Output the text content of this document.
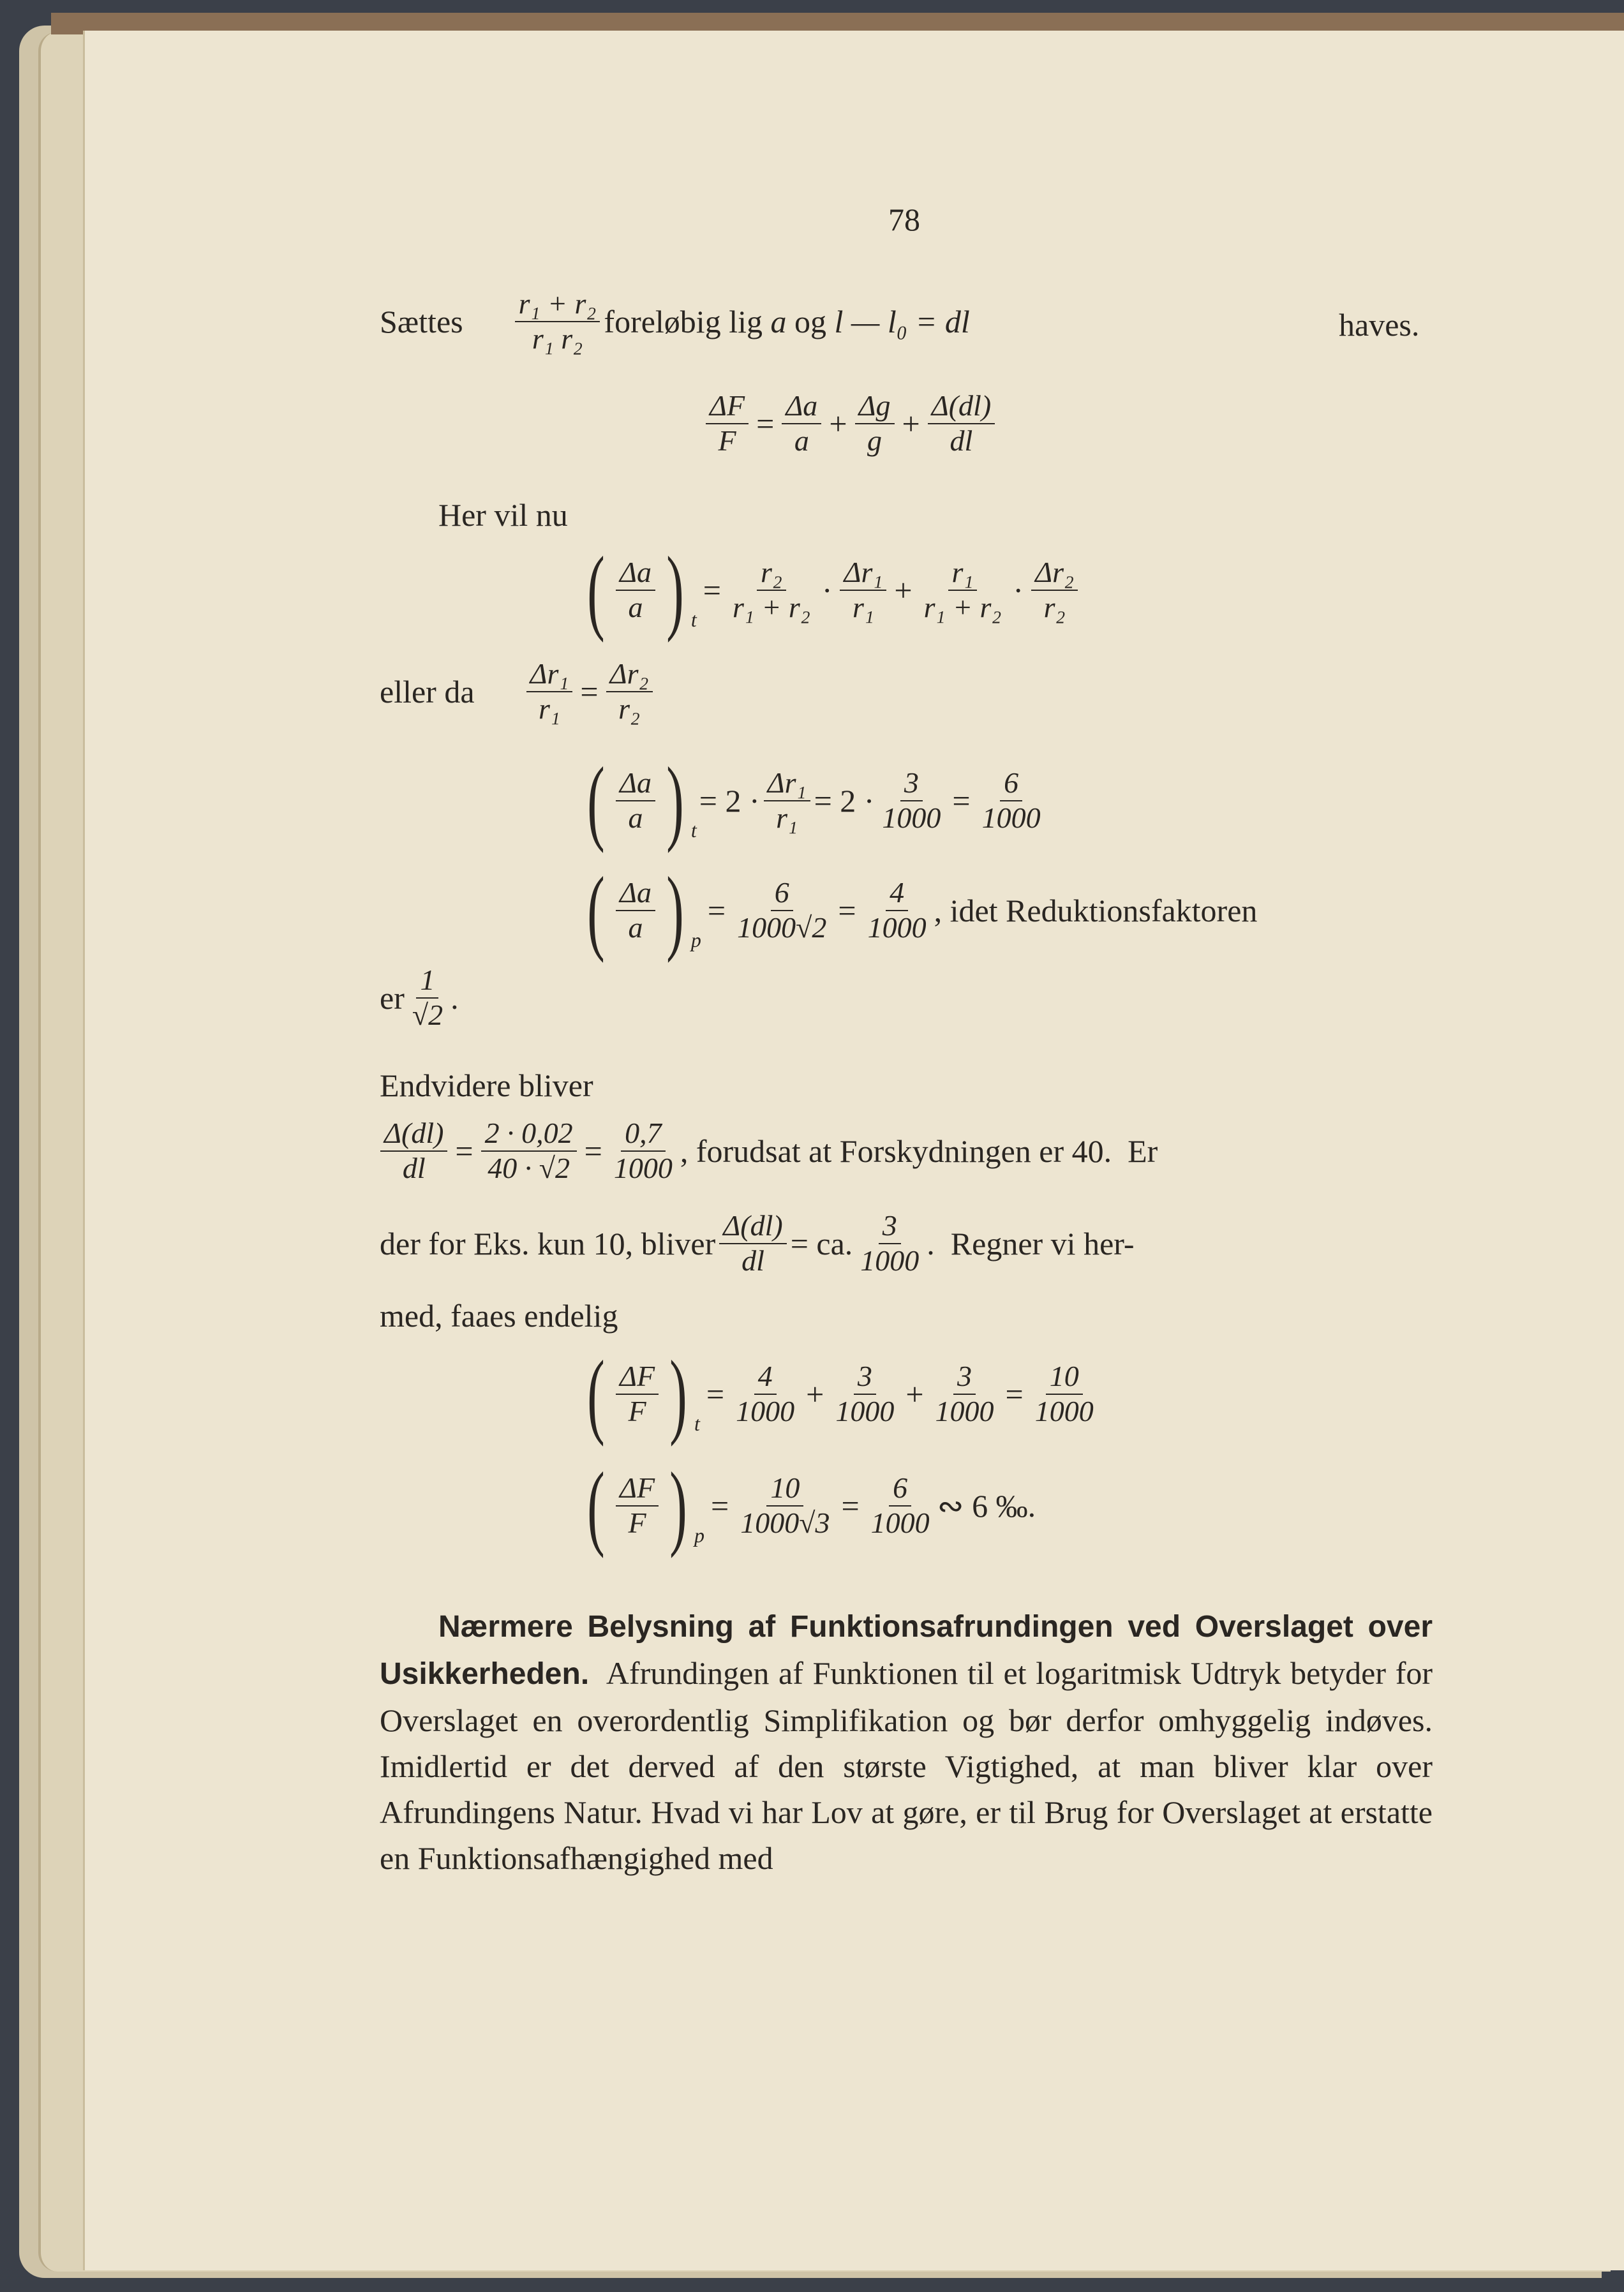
78
Sættes
$\frac{\text{r₁ + r₂}}{\text{r₁ r₂}}$ foreløbig lig a og l — l₀ = dl	haves.
$\frac{\Delta F}{F} = \frac{\Delta a}{a} + \frac{\Delta g}{g} + \frac{\Delta(dl)}{dl}$
Her vil nu
( $\frac{\Delta a}{a}$ ) t
= $\frac{\text{r₂}}{\text{r₁ + r₂}} \cdot \frac{\text{Δr₁}}{\text{r₁}} + \frac{\text{r₁}}{\text{r₁ + r₂}} \cdot \frac{\text{Δr₂}}{\text{r₂}}$
eller da
$\frac{\text{Δr₁}}{\text{r₁}} = \frac{\text{Δr₂}}{\text{r₂}}$
( $\frac{\Delta a}{a}$ ) t
= $2 \cdot \frac{\text{Δr₁}}{\text{r₁}} = 2 \cdot \frac{3}{1000} = \frac{6}{1000}$
( $\frac{\Delta a}{a}$ ) p
= $\frac{6}{1000√2} = \frac{4}{1000}$ , idet Reduktionsfaktoren
er $\frac{1}{√2}$ .
Endvidere bliver
$\frac{\Delta(dl)}{dl} = \frac{2 \cdot 0,02}{40 \cdot √2} = \frac{0,7}{1000}$ , forudsat at Forskydningen er 40.  Er
der for Eks. kun 10, bliver $\frac{\Delta(dl)}{dl}$ = ca. $\frac{3}{1000}$ .  Regner vi her-
med, faaes endelig
( $\frac{\Delta F}{F}$ ) t
= $\frac{4}{1000} + \frac{3}{1000} + \frac{3}{1000} = \frac{10}{1000}$
( $\frac{\Delta F}{F}$ ) p
= $\frac{10}{1000√3} = \frac{6}{1000}$ ∾ 6 ‰.
Nærmere Belysning af Funktionsafrundingen ved Overslaget over Usikkerheden. Afrundingen af Funktionen til et logaritmisk Udtryk betyder for Overslaget en overordentlig Simplifikation og bør derfor omhyggelig indøves. Imidlertid er det derved af den største Vigtighed, at man bliver klar over Afrundingens Natur. Hvad vi har Lov at gøre, er til Brug for Overslaget at erstatte en Funktionsafhængighed med
